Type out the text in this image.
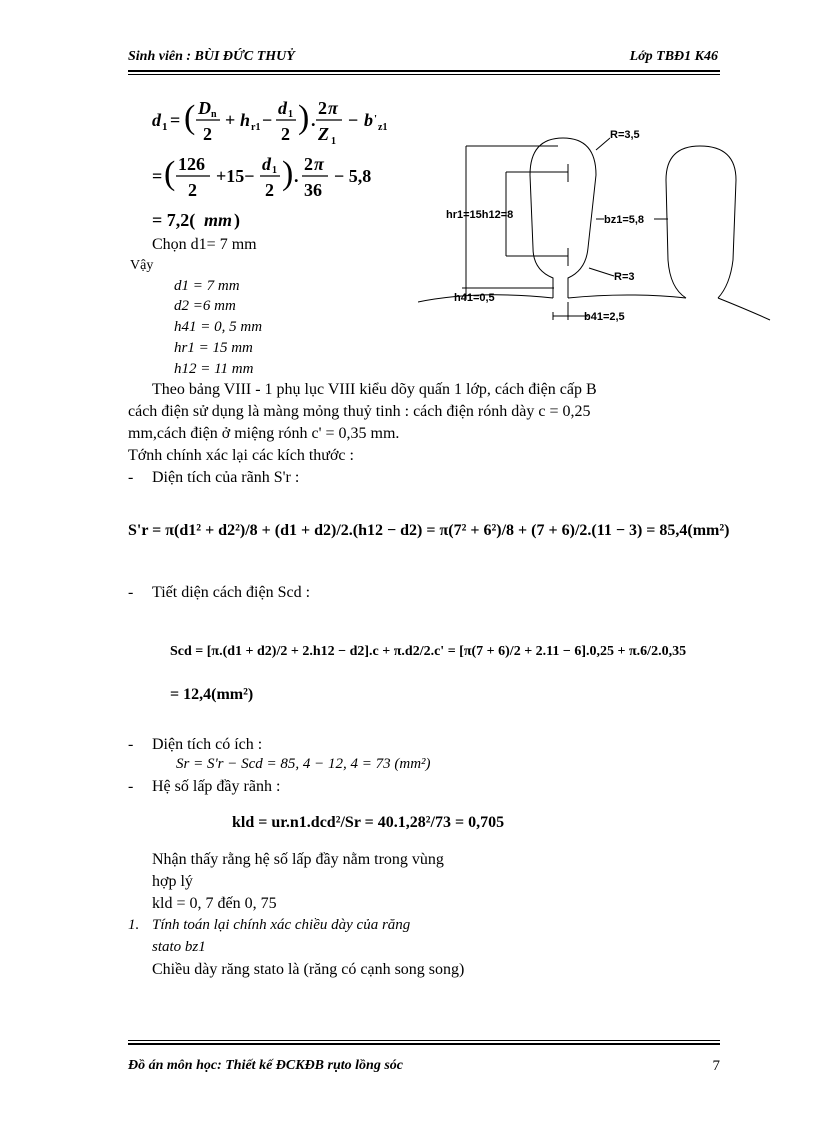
Sinh viên : BÙI ĐỨC THUỶ	Lớp TBĐ1 K46
d 1 = ( D n
2
+ h r1 −
d 1
2 ) .
2 π
Z 1
− b '
z1
= ( 126
2
+15−
d 1
2 ) .
2 π
36
− 5,8
= 7,2( mm )
Chọn d1= 7 mm
Vậy
d1 = 7 mm
d2 =6 mm
h41 = 0, 5 mm
hr1 = 15 mm
h12 = 11 mm
R=3,5
hr1=15h12=8	bz1=5,8
R=3
h41=0,5
b41=2,5
Theo bảng VIII - 1 phụ lục VIII kiểu dõy quấn 1 lớp, cách điện cấp B
cách điện sử dụng là màng mỏng thuỷ tinh : cách điện rónh dày c = 0,25
mm,cách điện ở miệng rónh c' = 0,35 mm.
Tớnh chính xác lại các kích thước :
- Diện tích của rãnh S'r :
S'r = π(d1² + d2²)/8 + (d1 + d2)/2.(h12 − d2) = π(7² + 6²)/8 + (7 + 6)/2.(11 − 3) = 85,4(mm²)
- Tiết diện cách điện Scd :
Scd = [π.(d1 + d2)/2 + 2.h12 − d2].c + π.d2/2.c' = [π(7 + 6)/2 + 2.11 − 6].0,25 + π.6/2.0,35
= 12,4(mm²)
- Diện tích có ích :
Sr = S'r − Scd = 85, 4 − 12, 4 = 73 (mm²)
- Hệ số lấp đầy rãnh :
kld = ur.n1.dcd²/Sr = 40.1,28²/73 = 0,705
Nhận thấy rằng hệ số lấp đầy nằm trong vùng
hợp lý
kld = 0, 7 đến 0, 75
1. Tính toán lại chính xác chiều dày của răng
stato bz1
Chiều dày răng stato là (răng có cạnh song song)
Đồ án môn học: Thiết kế ĐCKĐB rụto lồng sóc	7
